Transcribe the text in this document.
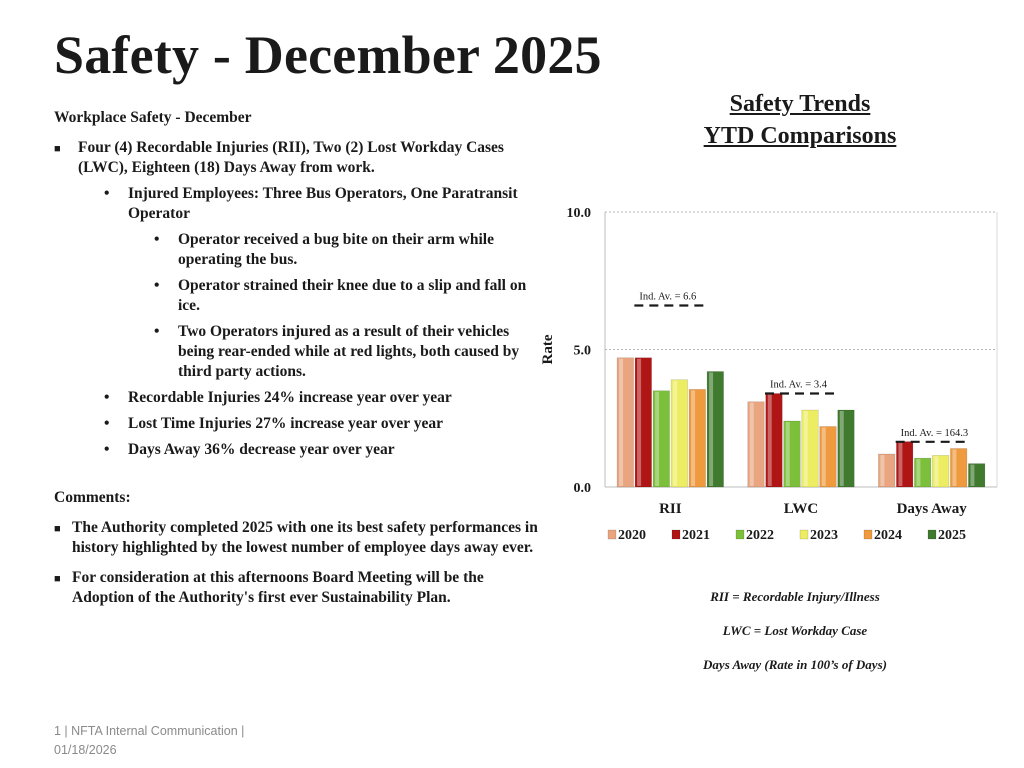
Safety - December 2025

Workplace Safety - December

■ Four (4) Recordable Injuries (RII), Two (2) Lost Workday Cases (LWC), Eighteen (18) Days Away from work.
• Injured Employees: Three Bus Operators, One Paratransit Operator
• Operator received a bug bite on their arm while operating the bus.
• Operator strained their knee due to a slip and fall on ice.
• Two Operators injured as a result of their vehicles being rear-ended while at red lights, both caused by third party actions.
• Recordable Injuries 24% increase year over year
• Lost Time Injuries 27% increase year over year
• Days Away 36% decrease year over year

Comments:

■ The Authority completed 2025 with one its best safety performances in history highlighted by the lowest number of employee days away ever.
■ For consideration at this afternoons Board Meeting will be the Adoption of the Authority's first ever Sustainability Plan.
1 | NFTA Internal Communication |
01/18/2026
Safety Trends
YTD Comparisons
0.0
5.0
10.0
Rate
RII	LWC	Days Away
Ind. Av. = 6.6
Ind. Av. = 3.4
Ind. Av. = 164.3
2020	2021	2022	2023	2024	2025
RII = Recordable Injury/Illness
LWC = Lost Workday Case
Days Away (Rate in 100’s of Days)
